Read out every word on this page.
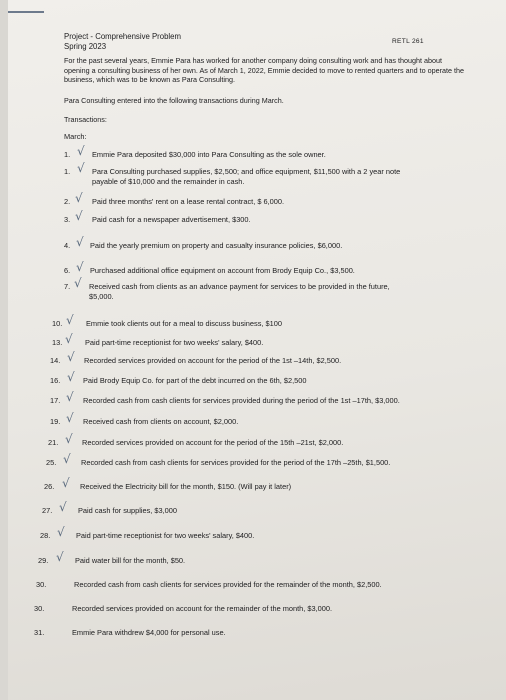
Project - Comprehensive Problem
Spring 2023
RETL 261
For the past several years, Emmie Para has worked for another company doing consulting work and has thought about opening a consulting business of her own. As of March 1, 2022, Emmie decided to move to rented quarters and to operate the business, which was to be known as Para Consulting.
Para Consulting entered into the following transactions during March.
Transactions:
March:
1. √ Emmie Para deposited $30,000 into Para Consulting as the sole owner.
1. √ Para Consulting purchased supplies, $2,500; and office equipment, $11,500 with a 2 year note
payable of $10,000 and the remainder in cash.
2. √ Paid three months' rent on a lease rental contract, $ 6,000.
3. √ Paid cash for a newspaper advertisement, $300.
4. √ Paid the yearly premium on property and casualty insurance policies, $6,000.
6. √ Purchased additional office equipment on account from Brody Equip Co., $3,500.
7. √ Received cash from clients as an advance payment for services to be provided in the future,
$5,000.
10. √ Emmie took clients out for a meal to discuss business, $100
13. √ Paid part-time receptionist for two weeks' salary, $400.
14. √ Recorded services provided on account for the period of the 1st –14th, $2,500.
16. √ Paid Brody Equip Co. for part of the debt incurred on the 6th, $2,500
17. √ Recorded cash from cash clients for services provided during the period of the 1st –17th, $3,000.
19. √ Received cash from clients on account, $2,000.
21. √ Recorded services provided on account for the period of the 15th –21st, $2,000.
25. √ Recorded cash from cash clients for services provided for the period of the 17th –25th, $1,500.
26. √ Received the Electricity bill for the month, $150. (Will pay it later)
27. √ Paid cash for supplies, $3,000
28. √ Paid part-time receptionist for two weeks' salary, $400.
29. √ Paid water bill for the month, $50.
30.	Recorded cash from cash clients for services provided for the remainder of the month, $2,500.
30.	Recorded services provided on account for the remainder of the month, $3,000.
31.	Emmie Para withdrew $4,000 for personal use.
